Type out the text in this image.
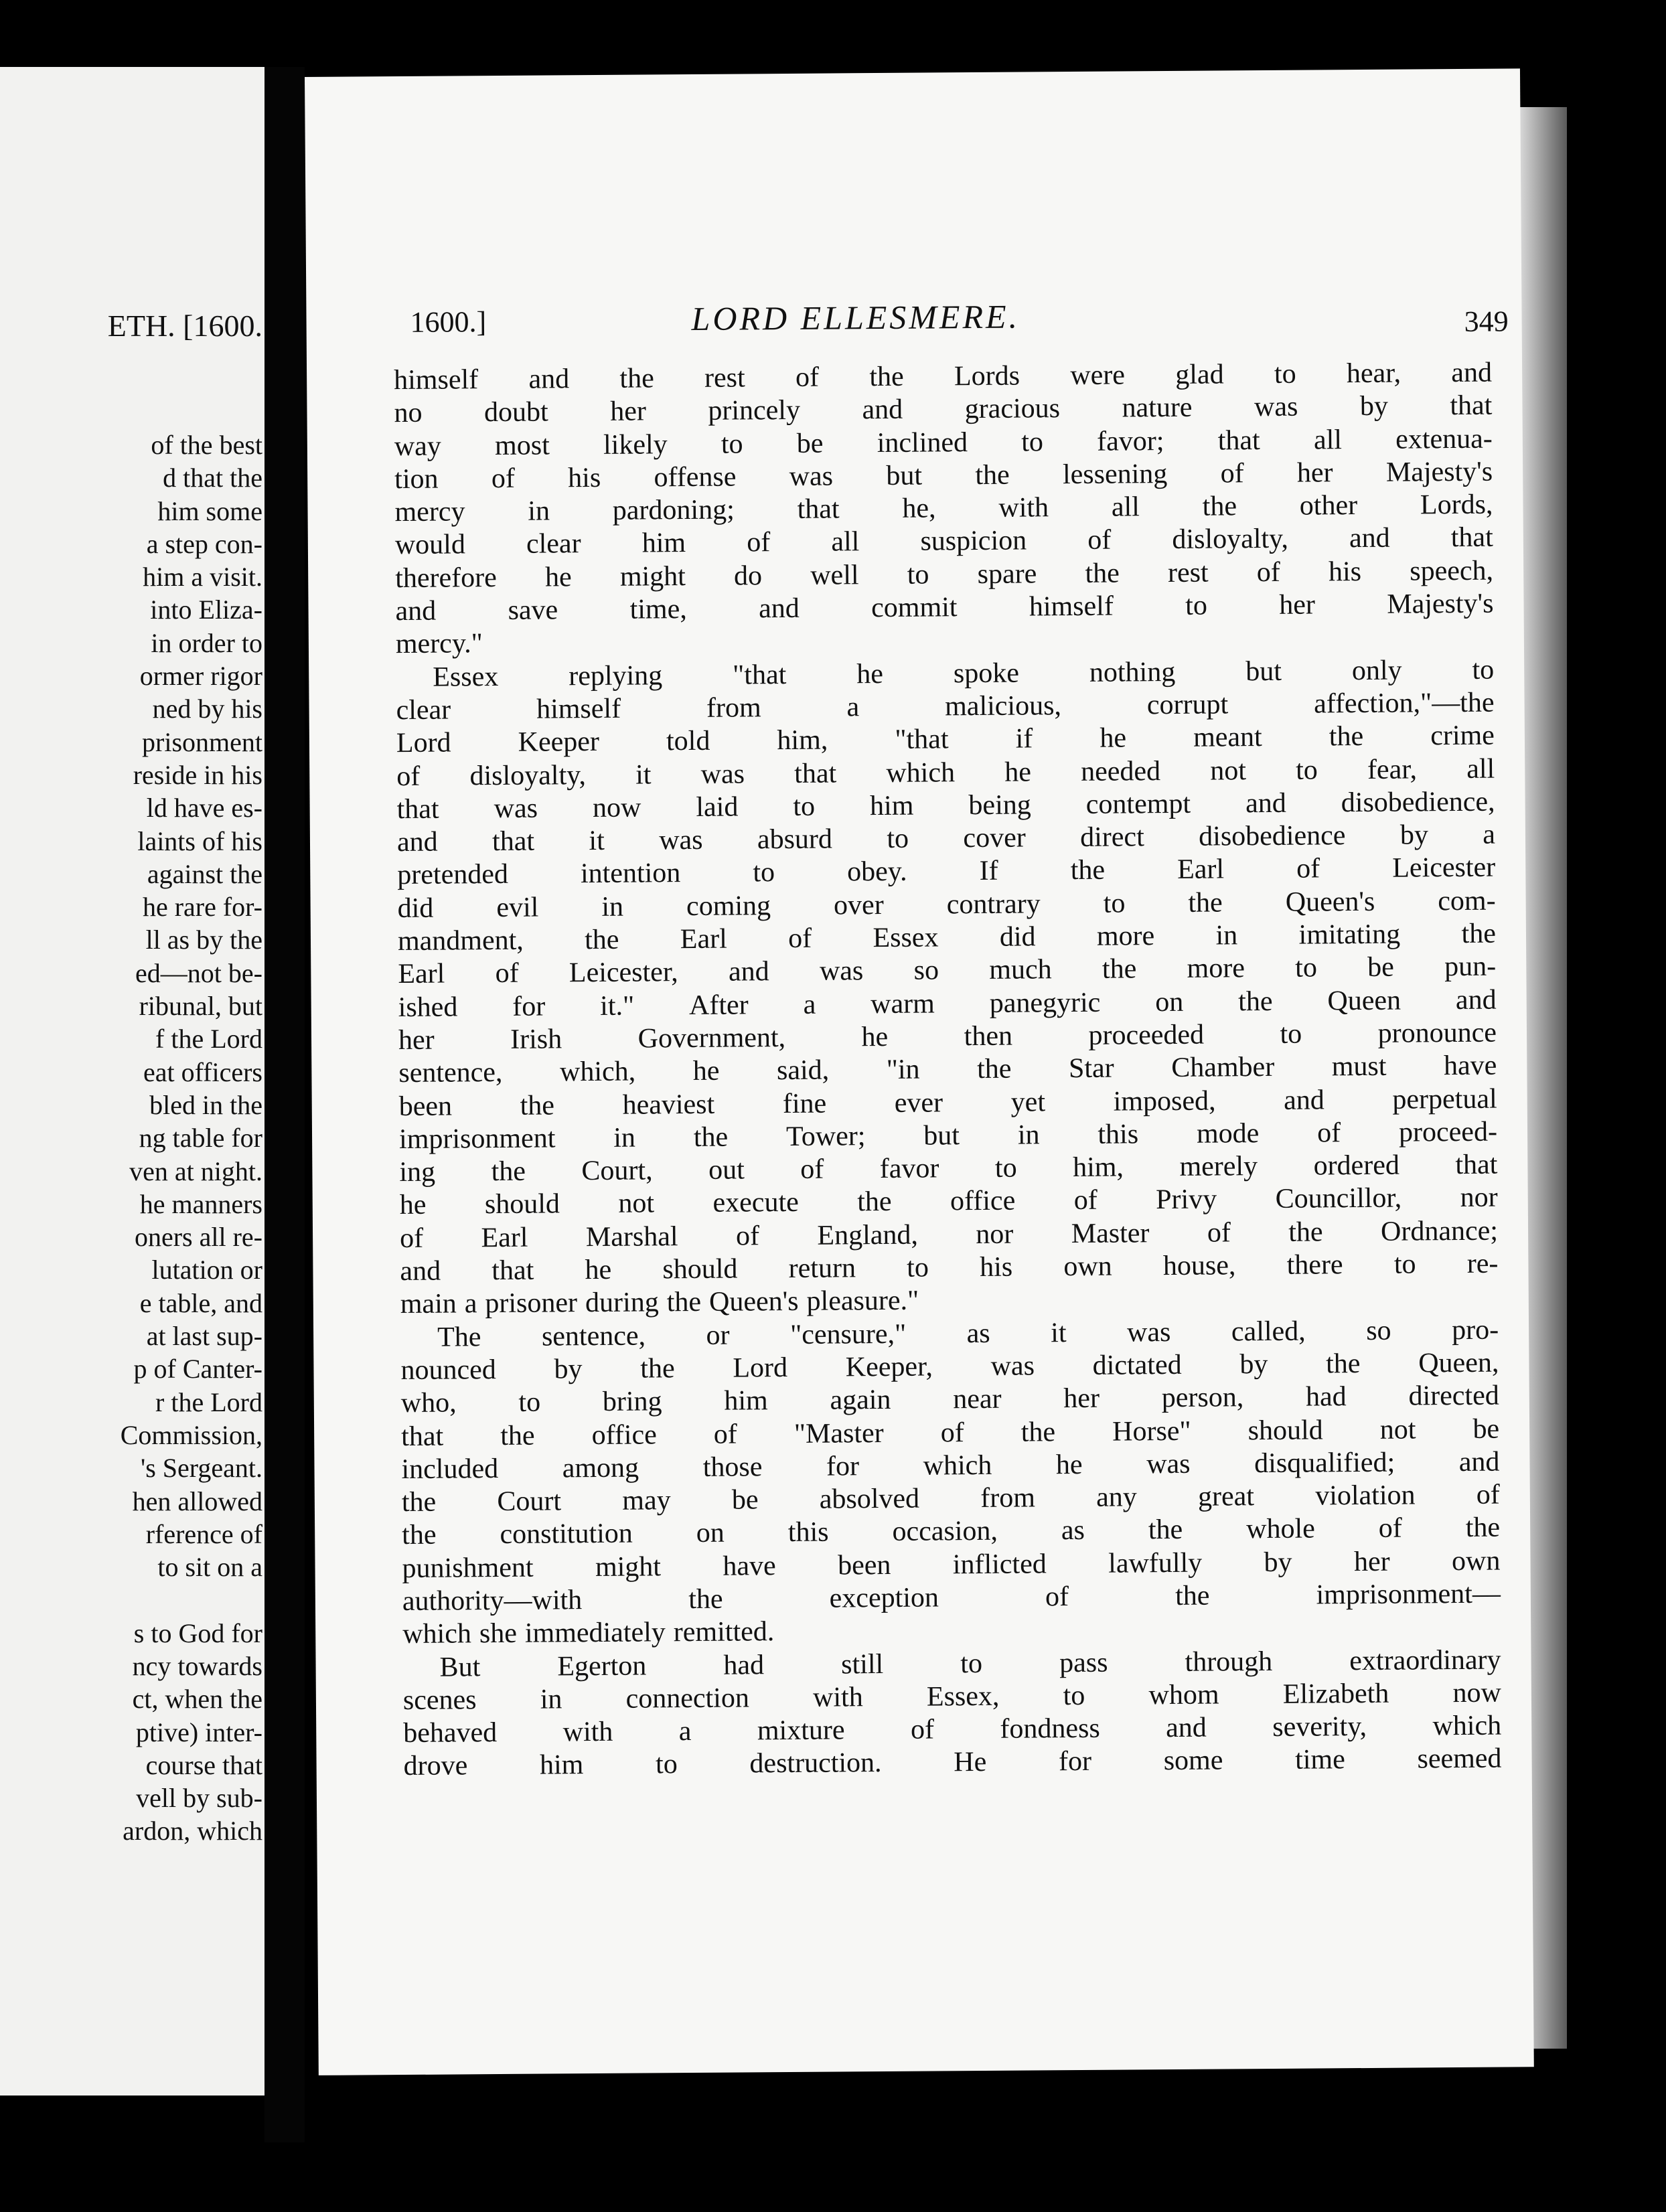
ETH. [1600.
of the best
d that the
him some
a step con-
him a visit.
into Eliza-
in order to
ormer rigor
ned by his
prisonment
reside in his
ld have es-
laints of his
against the
he rare for-
ll as by the
ed—not be-
ribunal, but
f the Lord
eat officers
bled in the
ng table for
ven at night.
he manners
oners all re-
lutation or
e table, and
at last sup-
p of Canter-
r the Lord
Commission,
's Sergeant.
hen allowed
rference of
to sit on a
s to God for
ncy towards
ct, when the
ptive) inter-
course that
vell by sub-
ardon, which
1600.]	LORD ELLESMERE.	349
himself and the rest of the Lords were glad to hear, and
no doubt her princely and gracious nature was by that
way most likely to be inclined to favor; that all extenua-
tion of his offense was but the lessening of her Majesty's
mercy in pardoning; that he, with all the other Lords,
would clear him of all suspicion of disloyalty, and that
therefore he might do well to spare the rest of his speech,
and	save	time,	and	commit	himself	to	her	Majesty's
mercy."
Essex replying "that he spoke nothing but only to
clear	himself	from	a	malicious,	corrupt	affection,"—the
Lord Keeper told him, "that if he meant the crime
of disloyalty, it was that which he needed not to fear, all
that was now laid to him being contempt and disobedience,
and that it was absurd to cover direct disobedience by a
pretended	intention	to	obey.	If	the	Earl	of	Leicester
did evil in coming over contrary to the Queen's com-
mandment, the Earl of Essex did more in imitating the
Earl of Leicester, and was so much the more to be pun-
ished for it." After a warm panegyric on the Queen and
her	Irish	Government,	he	then	proceeded	to	pronounce
sentence, which, he said, "in the Star Chamber must have
been the heaviest fine ever yet imposed, and perpetual
imprisonment in the Tower; but in this mode of proceed-
ing the Court, out of favor to him, merely ordered that
he should not execute the office of Privy Councillor, nor
of Earl Marshal of England, nor Master of the Ordnance;
and that he should return to his own house, there to re-
main a prisoner during the Queen's pleasure."
The sentence, or "censure," as it was called, so pro-
nounced by the Lord Keeper, was dictated by the Queen,
who, to bring him again near her person, had directed
that the office of "Master of the Horse" should not be
included among those for which he was disqualified; and
the Court may be absolved from any great violation of
the constitution on this occasion, as the whole of the
punishment might have been inflicted lawfully by her own
authority—with	the	exception	of	the	imprisonment—
which she immediately remitted.
But	Egerton	had	still	to	pass	through	extraordinary
scenes in connection with Essex, to whom Elizabeth now
behaved with a mixture of fondness and severity, which
drove	him	to	destruction.	He	for	some	time	seemed
